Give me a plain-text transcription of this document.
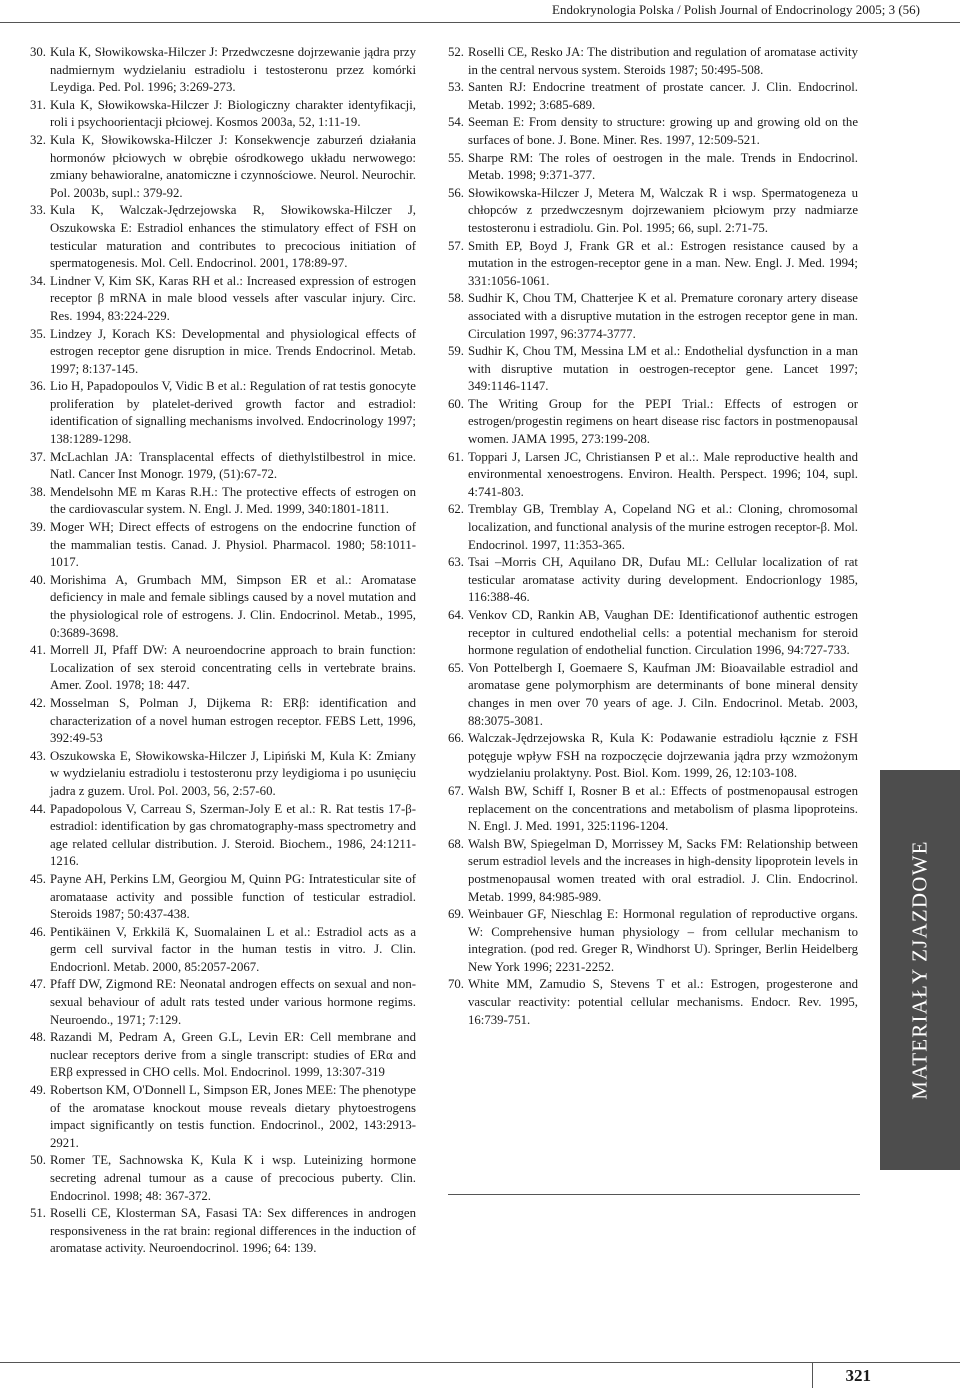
Endokrynologia Polska / Polish Journal of Endocrinology 2005; 3 (56)
30. Kula K, Słowikowska-Hilczer J: Przedwczesne dojrzewanie jądra przy nadmiernym wydzielaniu estradiolu i testosteronu przez komórki Leydiga. Ped. Pol. 1996; 3:269-273.
31. Kula K, Słowikowska-Hilczer J: Biologiczny charakter identyfikacji, roli i psychoorientacji płciowej. Kosmos 2003a, 52, 1:11-19.
32. Kula K, Słowikowska-Hilczer J: Konsekwencje zaburzeń działania hormonów płciowych w obrębie ośrodkowego układu nerwowego: zmiany behawioralne, anatomiczne i czynnościowe. Neurol. Neurochir. Pol. 2003b, supl.: 379-92.
33. Kula K, Walczak-Jędrzejowska R, Słowikowska-Hilczer J, Oszukowska E: Estradiol enhances the stimulatory effect of FSH on testicular maturation and contributes to precocious initiation of spermatogenesis. Mol. Cell. Endocrinol. 2001, 178:89-97.
34. Lindner V, Kim SK, Karas RH et al.: Increased expression of estrogen receptor β mRNA in male blood vessels after vascular injury. Circ. Res. 1994, 83:224-229.
35. Lindzey J, Korach KS: Developmental and physiological effects of estrogen receptor gene disruption in mice. Trends Endocrinol. Metab. 1997; 8:137-145.
36. Lio H, Papadopoulos V, Vidic B et al.: Regulation of rat testis gonocyte proliferation by platelet-derived growth factor and estradiol: identification of signalling mechanisms involved. Endocrinology 1997; 138:1289-1298.
37. McLachlan JA: Transplacental effects of diethylstilbestrol in mice. Natl. Cancer Inst Monogr. 1979, (51):67-72.
38. Mendelsohn ME m Karas R.H.: The protective effects of estrogen on the cardiovascular system. N. Engl. J. Med. 1999, 340:1801-1811.
39. Moger WH; Direct effects of estrogens on the endocrine function of the mammalian testis. Canad. J. Physiol. Pharmacol. 1980; 58:1011-1017.
40. Morishima A, Grumbach MM, Simpson ER et al.: Aromatase deficiency in male and female siblings caused by a novel mutation and the physiological role of estrogens. J. Clin. Endocrinol. Metab., 1995, 0:3689-3698.
41. Morrell JI, Pfaff DW: A neuroendocrine approach to brain function: Localization of sex steroid concentrating cells in vertebrate brains. Amer. Zool. 1978; 18: 447.
42. Mosselman S, Polman J, Dijkema R: ERβ: identification and characterization of a novel human estrogen receptor. FEBS Lett, 1996, 392:49-53
43. Oszukowska E, Słowikowska-Hilczer J, Lipiński M, Kula K: Zmiany w wydzielaniu estradiolu i testosteronu przy leydigioma i po usunięciu jadra z guzem. Urol. Pol. 2003, 56, 2:57-60.
44. Papadopolous V, Carreau S, Szerman-Joly E et al.: R. Rat testis 17-β-estradiol: identification by gas chromatography-mass spectrometry and age related cellular distribution. J. Steroid. Biochem., 1986, 24:1211-1216.
45. Payne AH, Perkins LM, Georgiou M, Quinn PG: Intratesticular site of aromataase activity and possible function of testicular estradiol. Steroids 1987; 50:437-438.
46. Pentikäinen V, Erkkilä K, Suomalainen L et al.: Estradiol acts as a germ cell survival factor in the human testis in vitro. J. Clin. Endocrionl. Metab. 2000, 85:2057-2067.
47. Pfaff DW, Zigmond RE: Neonatal androgen effects on sexual and non-sexual behaviour of adult rats tested under various hormone regims. Neuroendo., 1971; 7:129.
48. Razandi M, Pedram A, Green G.L, Levin ER: Cell membrane and nuclear receptors derive from a single transcript: studies of ERα and ERβ expressed in CHO cells. Mol. Endocrinol. 1999, 13:307-319
49. Robertson KM, O'Donnell L, Simpson ER, Jones MEE: The phenotype of the aromatase knockout mouse reveals dietary phytoestrogens impact significantly on testis function. Endocrinol., 2002, 143:2913-2921.
50. Romer TE, Sachnowska K, Kula K i wsp. Luteinizing hormone secreting adrenal tumour as a cause of precocious puberty. Clin. Endocrinol. 1998; 48: 367-372.
51. Roselli CE, Klosterman SA, Fasasi TA: Sex differences in androgen responsiveness in the rat brain: regional differences in the induction of aromatase activity. Neuroendocrinol. 1996; 64: 139.
52. Roselli CE, Resko JA: The distribution and regulation of aromatase activity in the central nervous system. Steroids 1987; 50:495-508.
53. Santen RJ: Endocrine treatment of prostate cancer. J. Clin. Endocrinol. Metab. 1992; 3:685-689.
54. Seeman E: From density to structure: growing up and growing old on the surfaces of bone. J. Bone. Miner. Res. 1997, 12:509-521.
55. Sharpe RM: The roles of oestrogen in the male. Trends in Endocrinol. Metab. 1998; 9:371-377.
56. Słowikowska-Hilczer J, Metera M, Walczak R i wsp. Spermatogeneza u chłopców z przedwczesnym dojrzewaniem płciowym przy nadmiarze testosteronu i estradiolu. Gin. Pol. 1995; 66, supl. 2:71-75.
57. Smith EP, Boyd J, Frank GR et al.: Estrogen resistance caused by a mutation in the estrogen-receptor gene in a man. New. Engl. J. Med. 1994; 331:1056-1061.
58. Sudhir K, Chou TM, Chatterjee K et al. Premature coronary artery disease associated with a disruptive mutation in the estrogen receptor gene in man. Circulation 1997, 96:3774-3777.
59. Sudhir K, Chou TM, Messina LM et al.: Endothelial dysfunction in a man with disruptive mutation in oestrogen-receptor gene. Lancet 1997; 349:1146-1147.
60. The Writing Group for the PEPI Trial.: Effects of estrogen or estrogen/progestin regimens on heart disease risc factors in postmenopausal women. JAMA 1995, 273:199-208.
61. Toppari J, Larsen JC, Christiansen P et al.:. Male reproductive health and environmental xenoestrogens. Environ. Health. Perspect. 1996; 104, supl. 4:741-803.
62. Tremblay GB, Tremblay A, Copeland NG et al.: Cloning, chromosomal localization, and functional analysis of the murine estrogen receptor-β. Mol. Endocrinol. 1997, 11:353-365.
63. Tsai –Morris CH, Aquilano DR, Dufau ML: Cellular localization of rat testicular aromatase activity during development. Endocrionlogy 1985, 116:388-46.
64. Venkov CD, Rankin AB, Vaughan DE: Identificationof authentic estrogen receptor in cultured endothelial cells: a potential mechanism for steroid hormone regulation of endothelial function. Circulation 1996, 94:727-733.
65. Von Pottelbergh I, Goemaere S, Kaufman JM: Bioavailable estradiol and aromatase gene polymorphism are determinants of bone mineral density changes in men over 70 years of age. J. Ciln. Endocrinol. Metab. 2003, 88:3075-3081.
66. Walczak-Jędrzejowska R, Kula K: Podawanie estradiolu łącznie z FSH potęguje wpływ FSH na rozpoczęcie dojrzewania jądra przy wzmożonym wydzielaniu prolaktyny. Post. Biol. Kom. 1999, 26, 12:103-108.
67. Walsh BW, Schiff I, Rosner B et al.: Effects of postmenopausal estrogen replacement on the concentrations and metabolism of plasma lipoproteins. N. Engl. J. Med. 1991, 325:1196-1204.
68. Walsh BW, Spiegelman D, Morrissey M, Sacks FM: Relationship between serum estradiol levels and the increases in high-density lipoprotein levels in postmenopausal women treated with oral estradiol. J. Clin. Endocrinol. Metab. 1999, 84:985-989.
69. Weinbauer GF, Nieschlag E: Hormonal regulation of reproductive organs. W: Comprehensive human physiology – from cellular mechanism to integration. (pod red. Greger R, Windhorst U). Springer, Berlin Heidelberg New York 1996; 2231-2252.
70. White MM, Zamudio S, Stevens T et al.: Estrogen, progesterone and vascular reactivity: potential cellular mechanisms. Endocr. Rev. 1995, 16:739-751.	MATERIAŁY ZJAZDOWE
321
